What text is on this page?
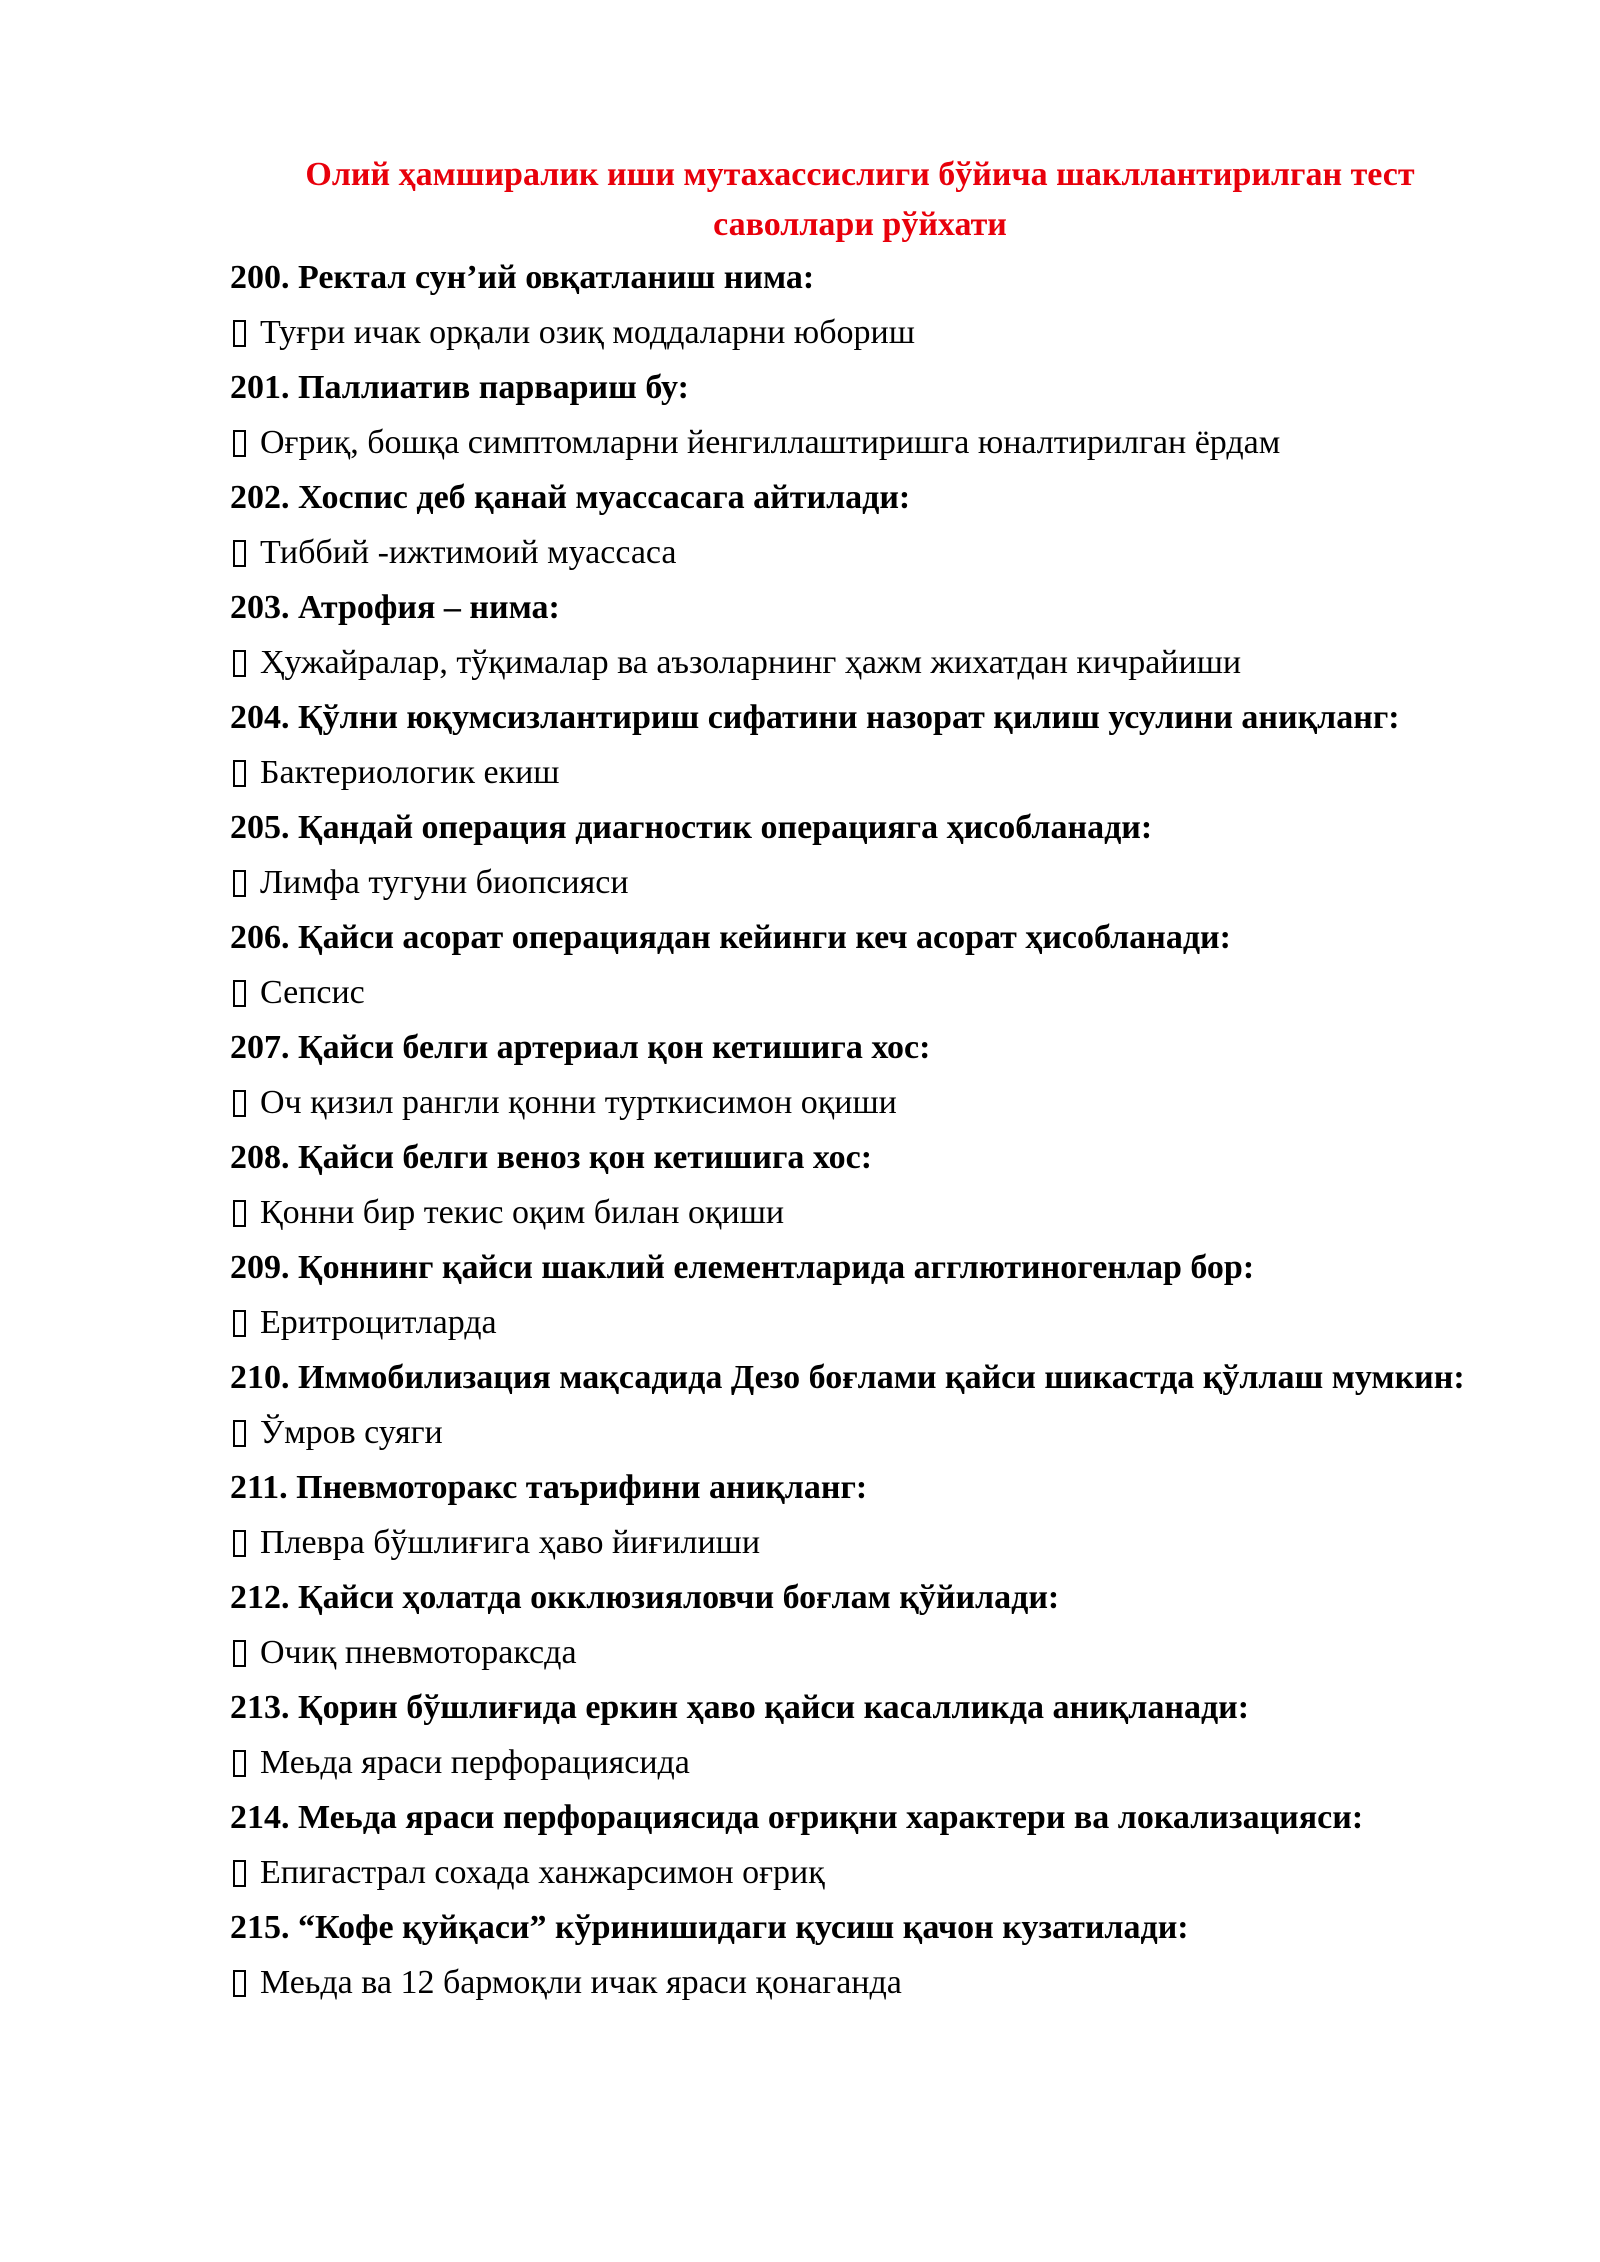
Олий ҳамширалик иши мутахассислиги бўйича шакллантирилган тест саволлари рўйхати

200. Ректал сун’ий овқатланиш нима:

Туғри ичак орқали озиқ моддаларни юбориш

201. Паллиатив парвариш бу:

Оғриқ, бошқа симптомларни йенгиллаштиришга юналтирилган ёрдам

202. Хоспис деб қанай муассасага айтилади:

Тиббий -ижтимоий муассаса

203. Атрофия – нима:

Ҳужайралар, тўқималар ва аъзоларнинг ҳажм жихатдан кичрайиши

204. Қўлни юқумсизлантириш сифатини назорат қилиш усулини аниқланг:

Бактериологик екиш

205. Қандай операция диагностик операцияга ҳисобланади:

Лимфа тугуни биопсияси

206. Қайси асорат операциядан кейинги кеч асорат ҳисобланади:

Сепсис

207. Қайси белги артериал қон кетишига хос:

Оч қизил рангли қонни турткисимон оқиши

208. Қайси белги веноз қон кетишига хос:

Қонни бир текис оқим билан оқиши

209. Қоннинг қайси шаклий елементларида агглютиногенлар бор:

Еритроцитларда

210. Иммобилизация мақсадида Дезо боғлами қайси шикастда қўллаш мумкин:

Ўмров суяги

211. Пневмоторакс таърифини аниқланг:

Плевра бўшлиғига ҳаво йиғилиши

212. Қайси ҳолатда окклюзияловчи боғлам қўйилади:

Очиқ пневмотораксда

213. Қорин бўшлиғида еркин ҳаво қайси касалликда аниқланади:

Меьда яраси перфорациясида

214. Меьда яраси перфорациясида оғриқни характери ва локализацияси:

Епигастрал сохада ханжарсимон оғриқ

215. “Кофе қуйқаси” кўринишидаги қусиш қачон кузатилади:

Меьда ва 12 бармоқли ичак яраси қонаганда
